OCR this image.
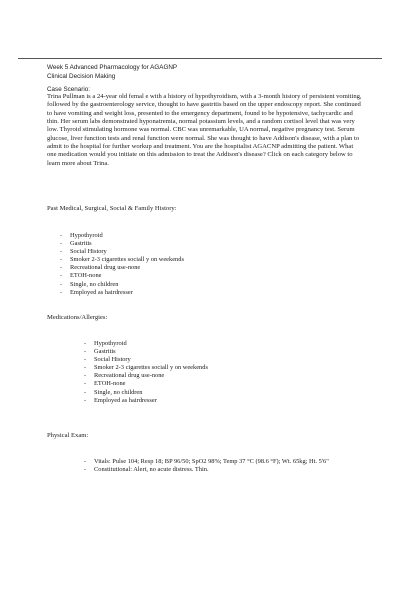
Week 5 Advanced Pharmacology for AGAGNP
Clinical Decision Making
Case Scenario:
Trina Pullman is a 24-year old femal e with a history of hypothyroidism, with a 3-month history of persistent vomiting, followed by the gastroenterology service, thought to have gastritis based on the upper endoscopy report. She continued to have vomiting and weight loss, presented to the emergency department, found to be hypotensive, tachycardic and thin. Her serum labs demonstrated hyponatremia, normal potassium levels, and a random cortisol level that was very low. Thyroid stimulating hormone was normal. CBC was unremarkable, UA normal, negative pregnancy test. Serum glucose, liver function tests and renal function were normal. She was thought to have Addison's disease, with a plan to admit to the hospital for further workup and treatment. You are the hospitalist AGACNP admitting the patient. What one medication would you initiate on this admission to treat the Addison's disease? Click on each category below to learn more about Trina.
Past Medical, Surgical, Social & Family History:
- Hypothyroid
- Gastritis
- Social History
- Smoker 2-3 cigarettes sociall y on weekends
- Recreational drug use-none
- ETOH-none
- Single, no children
- Employed as hairdresser
Medications/Allergies:
- Hypothyroid
- Gastritis
- Social History
- Smoker 2-3 cigarettes sociall y on weekends
- Recreational drug use-none
- ETOH-none
- Single, no children
- Employed as hairdresser
Physical Exam:
- Vitals: Pulse 104; Resp 18; BP 96/50; SpO2 98%; Temp 37 °C (98.6 °F); Wt. 65kg; Ht. 5'6"
- Constitutional: Alert, no acute distress. Thin.
